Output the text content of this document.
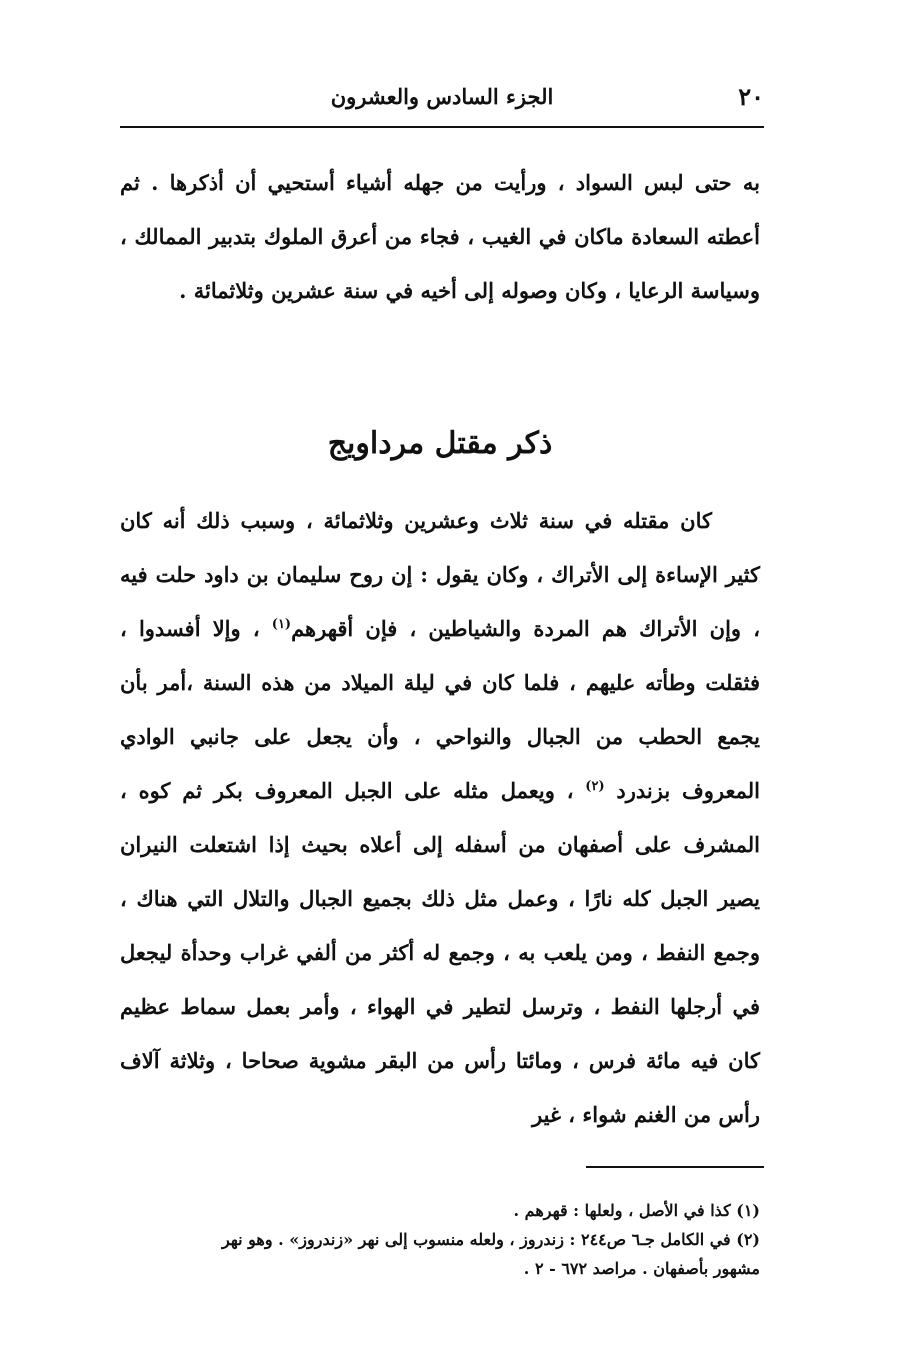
٢٠
الجزء السادس والعشرون

به حتى لبس السواد ، ورأيت من جهله أشياء أستحيي أن أذكرها . ثم أعطته السعادة ماكان في الغيب ، فجاء من أعرق الملوك بتدبير الممالك ، وسياسة الرعايا ، وكان وصوله إلى أخيه في سنة عشرين وثلاثمائة .

ذكر مقتل مرداويج

كان مقتله في سنة ثلاث وعشرين وثلاثمائة ، وسبب ذلك أنه كان كثير الإساءة إلى الأتراك ، وكان يقول : إن روح سليمان بن داود حلت فيه ، وإن الأتراك هم المردة والشياطين ، فإن أقهرهم$^{(١)}$ ، وإلا أفسدوا ، فثقلت وطأته عليهم ، فلما كان في ليلة الميلاد من هذه السنة ،أمر بأن يجمع الحطب من الجبال والنواحي ، وأن يجعل على جانبي الوادي المعروف بزندرد $^{(٢)}$ ، ويعمل مثله على الجبل المعروف بكر ثم كوه ، المشرف على أصفهان من أسفله إلى أعلاه بحيث إذا اشتعلت النيران يصير الجبل كله نارًا ، وعمل مثل ذلك بجميع الجبال والتلال التي هناك ، وجمع النفط ، ومن يلعب به ، وجمع له أكثر من ألفي غراب وحدأة ليجعل في أرجلها النفط ، وترسل لتطير في الهواء ، وأمر بعمل سماط عظيم كان فيه مائة فرس ، ومائتا رأس من البقر مشوية صحاحا ، وثلاثة آلاف رأس من الغنم شواء ، غير

(١) كذا في الأصل ، ولعلها : قهرهم .

(٢) في الكامل جـ٦ ص٢٤٤ : زندروز ، ولعله منسوب إلى نهر «زندروز» . وهو نهر

مشهور بأصفهان . مراصد ٦٧٢ - ٢ .
